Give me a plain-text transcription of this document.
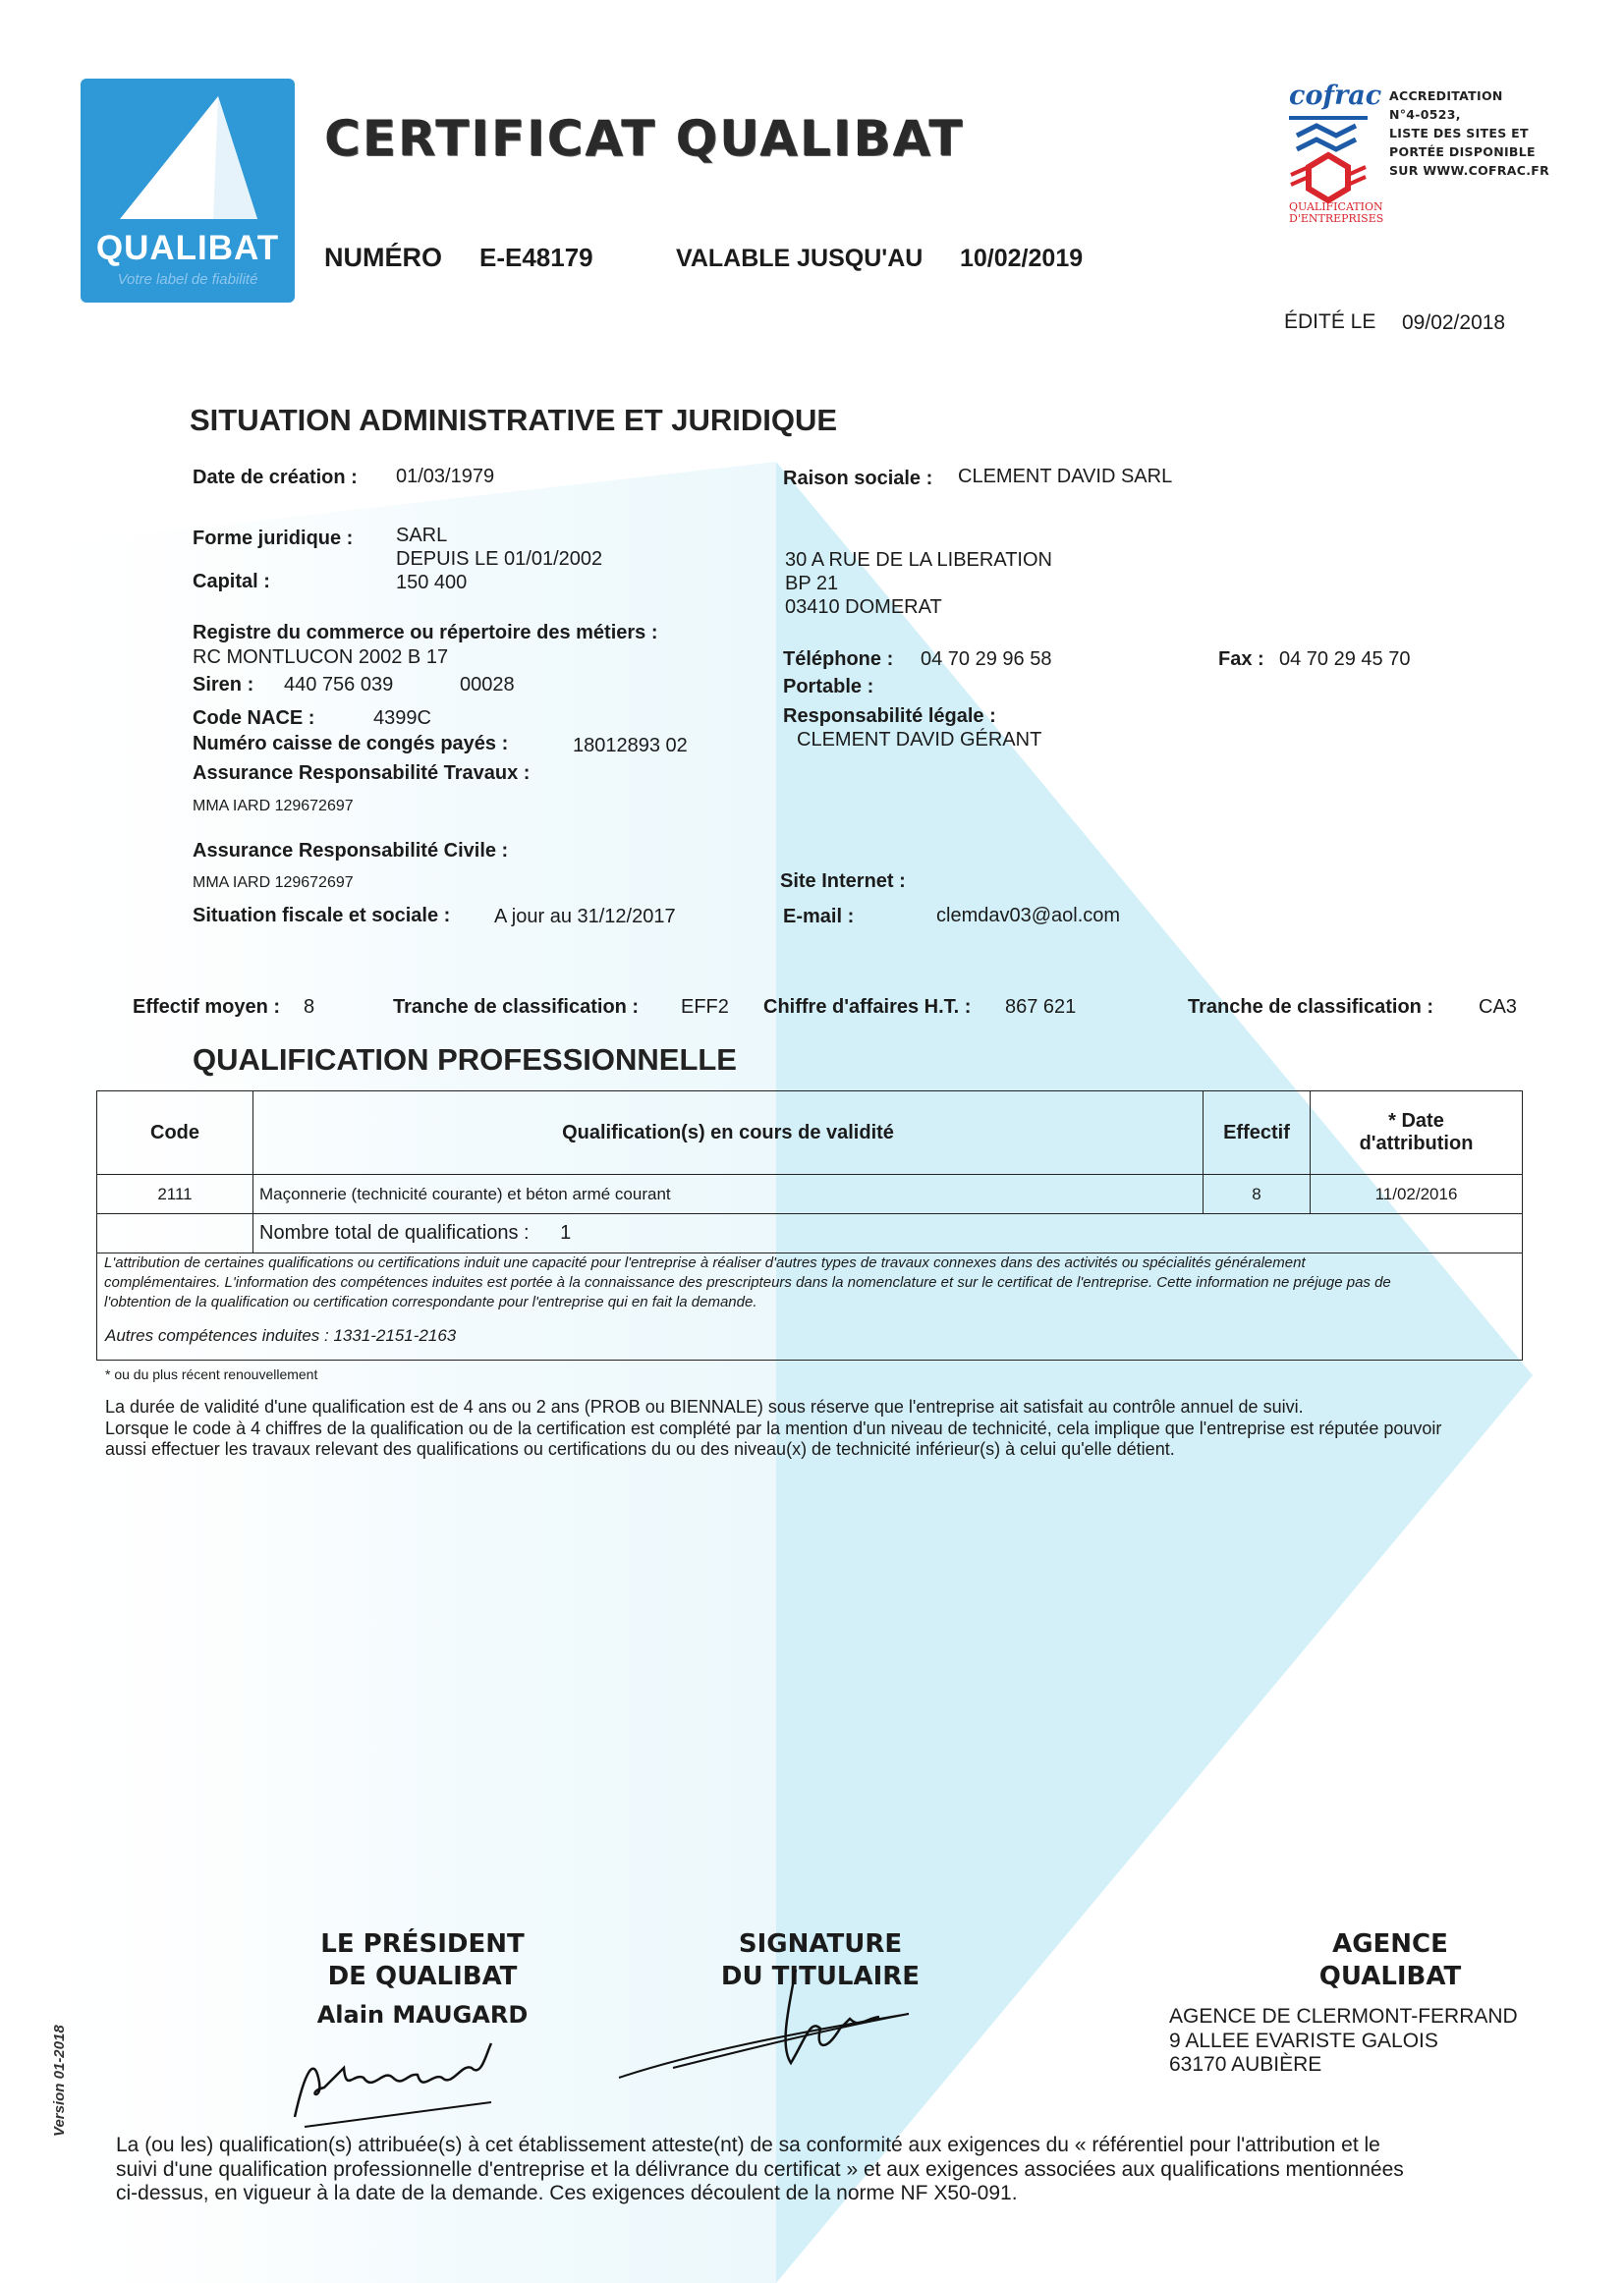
QUALIBAT
Votre label de fiabilité
CERTIFICAT QUALIBAT
NUMÉRO E-E48179	VALABLE JUSQU'AU 10/02/2019
cofrac
QUALIFICATION D'ENTREPRISES
ACCREDITATION
N°4-0523,
LISTE DES SITES ET
PORTÉE DISPONIBLE
SUR WWW.COFRAC.FR
ÉDITÉ LE 09/02/2018
SITUATION ADMINISTRATIVE ET JURIDIQUE
Date de création : 01/03/1979	Raison sociale : CLEMENT DAVID SARL
Forme juridique : SARL
DEPUIS LE 01/01/2002
Capital :	150 400
30 A RUE DE LA LIBERATION
BP 21
03410 DOMERAT
Registre du commerce ou répertoire des métiers :
RC MONTLUCON 2002 B 17
Siren : 440 756 039	00028
Téléphone : 04 70 29 96 58	Fax : 04 70 29 45 70
Portable :
Code NACE :	4399C	Responsabilité légale :
CLEMENT DAVID GÉRANT
Numéro caisse de congés payés :	18012893 02
Assurance Responsabilité Travaux :
MMA IARD 129672697
Assurance Responsabilité Civile :
MMA IARD 129672697	Site Internet :
Situation fiscale et sociale : A jour au 31/12/2017	E-mail :	clemdav03@aol.com
Effectif moyen : 8	Tranche de classification : EFF2 Chiffre d'affaires H.T. : 867 621	Tranche de classification : CA3
QUALIFICATION PROFESSIONNELLE
Code	Qualification(s) en cours de validité	Effectif	* Date
d'attribution

2111	Maçonnerie (technicité courante) et béton armé courant	8	11/02/2016
	Nombre total de qualifications : 1		
L'attribution de certaines qualifications ou certifications induit une capacité pour l'entreprise à réaliser d'autres types de travaux connexes dans des activités ou spécialités généralement
complémentaires. L'information des compétences induites est portée à la connaissance des prescripteurs dans la nomenclature et sur le certificat de l'entreprise. Cette information ne préjuge pas de
l'obtention de la qualification ou certification correspondante pour l'entreprise qui en fait la demande.
Autres compétences induites : 1331-2151-2163
* ou du plus récent renouvellement
La durée de validité d'une qualification est de 4 ans ou 2 ans (PROB ou BIENNALE) sous réserve que l'entreprise ait satisfait au contrôle annuel de suivi.
Lorsque le code à 4 chiffres de la qualification ou de la certification est complété par la mention d'un niveau de technicité, cela implique que l'entreprise est réputée pouvoir
aussi effectuer les travaux relevant des qualifications ou certifications du ou des niveau(x) de technicité inférieur(s) à celui qu'elle détient.
LE PRÉSIDENT
DE QUALIBAT
Alain MAUGARD
SIGNATURE
DU TITULAIRE
AGENCE
QUALIBAT
AGENCE DE CLERMONT-FERRAND
9 ALLEE EVARISTE GALOIS
63170 AUBIÈRE
Version 01-2018
La (ou les) qualification(s) attribuée(s) à cet établissement atteste(nt) de sa conformité aux exigences du « référentiel pour l'attribution et le
suivi d'une qualification professionnelle d'entreprise et la délivrance du certificat » et aux exigences associées aux qualifications mentionnées
ci-dessus, en vigueur à la date de la demande. Ces exigences découlent de la norme NF X50-091.
